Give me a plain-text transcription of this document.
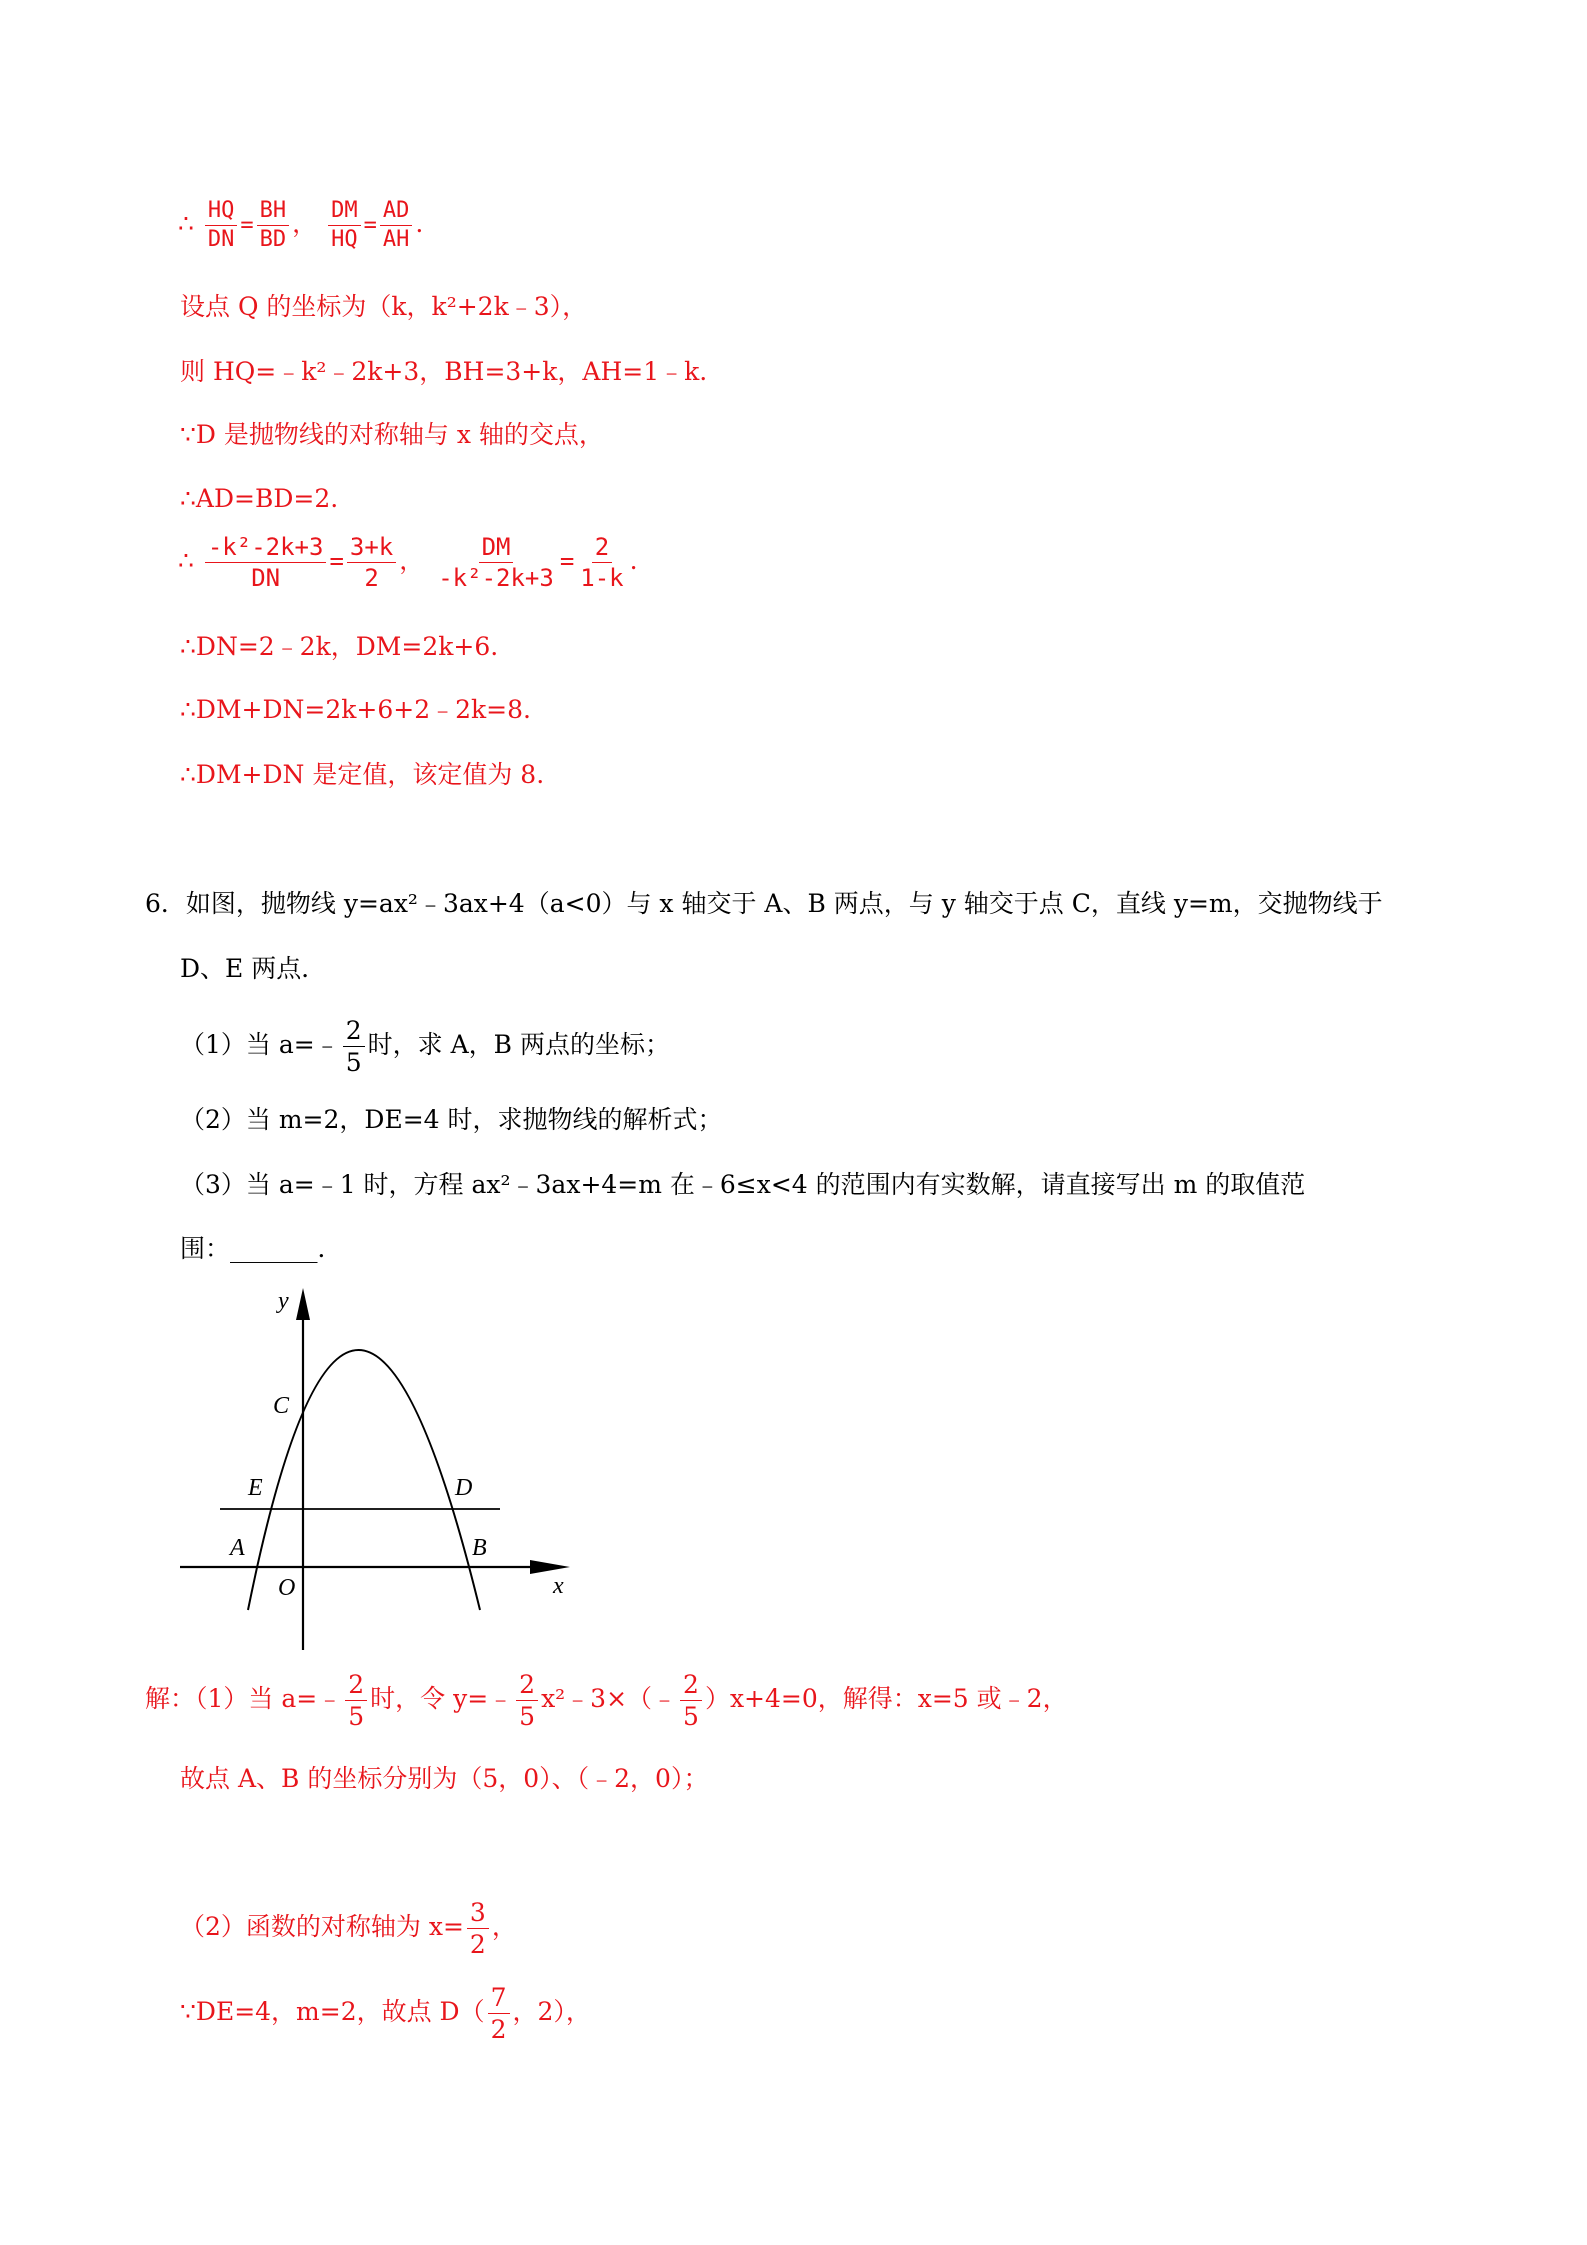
∴ $\frac{HQ}{DN} = \frac{BH}{BD}$ ， $\frac{DM}{HQ} = \frac{AD}{AH}$ .
设点 Q 的坐标为（k，k²+2k﹣3），
则 HQ=﹣k²﹣2k+3，BH=3+k，AH=1﹣k.
∵D 是抛物线的对称轴与 x 轴的交点，
∴AD=BD=2.
∴ $\frac{\text{-k²-2k+3}}{DN} = \frac{3+k}{2}$ ， $\frac{DM}{\text{-k²-2k+3}} = \frac{2}{1-k}$ .
∴DN=2﹣2k，DM=2k+6.
∴DM+DN=2k+6+2﹣2k=8.
∴DM+DN 是定值，该定值为 8.
6．如图，抛物线 y=ax²﹣3ax+4（a<0）与 x 轴交于 A、B 两点，与 y 轴交于点 C，直线 y=m，交抛物线于
D、E 两点．
（1）当 a=﹣ $\frac{2}{5}$ 时，求 A，B 两点的坐标；
（2）当 m=2，DE=4 时，求抛物线的解析式；
（3）当 a=﹣1 时，方程 ax²﹣3ax+4=m 在﹣6≤x<4 的范围内有实数解，请直接写出 m 的取值范
围：_______．
y
x
C
E	D
A	B
O
解：（1）当 a=﹣ $\frac{2}{5}$ 时，令 y=﹣ $\frac{2}{5}$ x²﹣3×（﹣ $\frac{2}{5} )x+4=0$，解得：x=5 或﹣2，
故点 A、B 的坐标分别为（5，0）、（﹣2，0）；
（2）函数的对称轴为 $x= \frac{3}{2}$ ，
∵DE=4，m=2，故点 $D( \frac{7}{2}$ ，2），
